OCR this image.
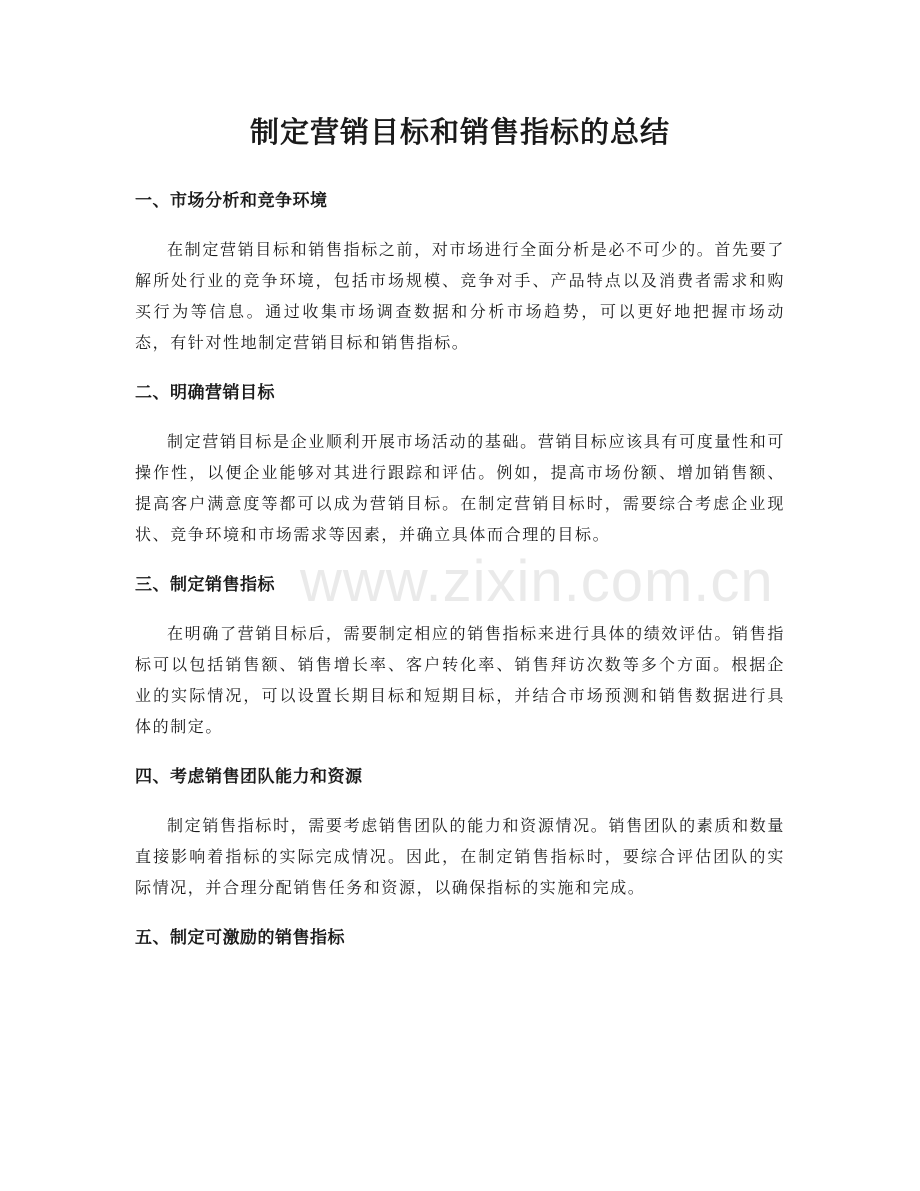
制定营销目标和销售指标的总结
一、市场分析和竞争环境

在制定营销目标和销售指标之前，对市场进行全面分析是必不可少的。首先要了解所处行业的竞争环境，包括市场规模、竞争对手、产品特点以及消费者需求和购买行为等信息。通过收集市场调查数据和分析市场趋势，可以更好地把握市场动态，有针对性地制定营销目标和销售指标。

二、明确营销目标

制定营销目标是企业顺利开展市场活动的基础。营销目标应该具有可度量性和可操作性，以便企业能够对其进行跟踪和评估。例如，提高市场份额、增加销售额、提高客户满意度等都可以成为营销目标。在制定营销目标时，需要综合考虑企业现状、竞争环境和市场需求等因素，并确立具体而合理的目标。

三、制定销售指标

在明确了营销目标后，需要制定相应的销售指标来进行具体的绩效评估。销售指标可以包括销售额、销售增长率、客户转化率、销售拜访次数等多个方面。根据企业的实际情况，可以设置长期目标和短期目标，并结合市场预测和销售数据进行具体的制定。

四、考虑销售团队能力和资源

制定销售指标时，需要考虑销售团队的能力和资源情况。销售团队的素质和数量直接影响着指标的实际完成情况。因此，在制定销售指标时，要综合评估团队的实际情况，并合理分配销售任务和资源，以确保指标的实施和完成。

五、制定可激励的销售指标
www.zixin.com.cn
